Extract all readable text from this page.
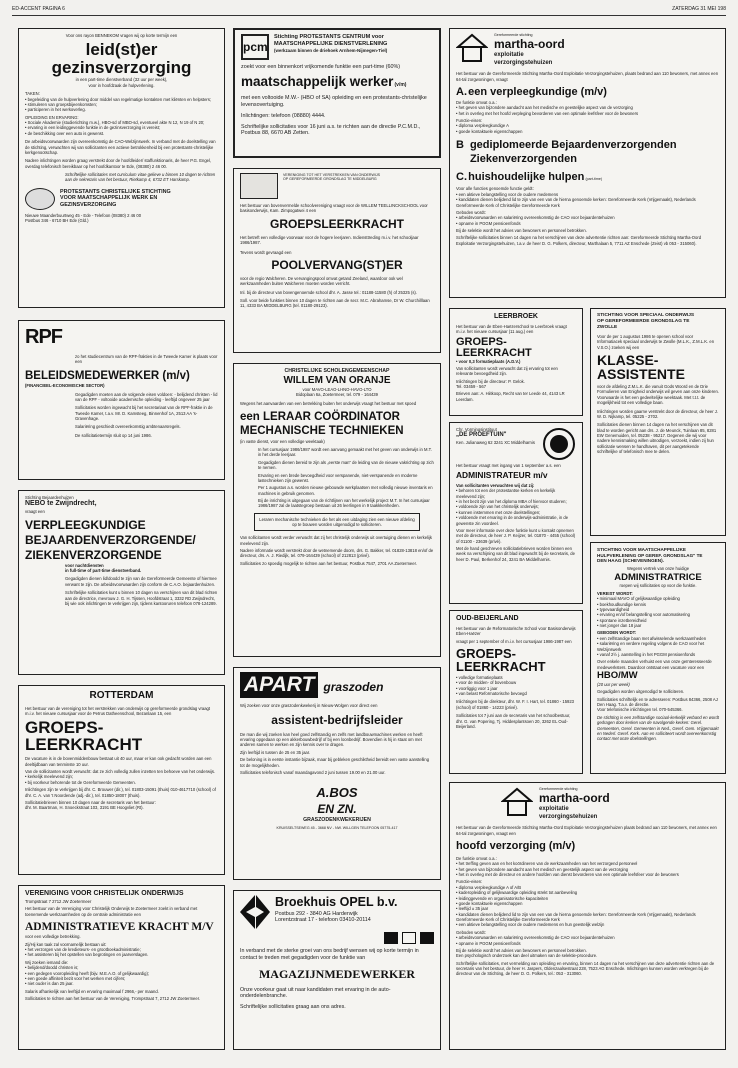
ED-ACCENT PAGINA 6	ZATERDAG 31 MEI 198

Voor ons rayon BENNEKOM vragen wij op korte termijn een

leid(st)er
gezinsverzorging

in een part-time dienstverband (32 uur per week),

voor in hoofdzaak de hulpverlening.

TAKEN:

• begeleiding van de hulpverlening door middel van regelmatige kontakten met kliënten en helpsters;
• stimuleren van groepsbijeenkomsten;
• participeren in het werkoverleg.

OPLEIDING EN ERVARING:

• Sociale Akademie (studierichting m.w.), HBO-sd of MBO-sd, eventueel akte N 12, N 19 of N 20;
• ervaring in een leidinggevende funktie in de gezinsverzorging is vereist;
• de beschikking over een auto is gewenst.

De arbeidsvoorwaarden zijn overeenkomstig de CAO-Welzijnswerk. In verband met de doelstelling van de stichting, verwachten wij van sollicitanten een actieve betrokkenheid bij een protestants-christelijke kerkgenootschap.

Nadere inlichtingen worden graag verstrekt door de hoofdleider/ staffunktionaris, de heer P.G. Engel, overdag telefonisch bereikbaar op het hoofdkantoor te Ede, (08380) 2 46 00.

Schriftelijke sollicitaties met curriculum vitae gelieve u binnen 10 dagen te richten aan de sekretaris van het bestuur, Rietkamp 4, 6732 ET Harskamp.

PROTESTANTS CHRISTELIJKE STICHTING
VOOR MAATSCHAPPELIJK WERK EN
GEZINSVERZORGING

Nieuwe Maanderbuurtweg 45 - Ede - Telefoon (08380) 2 46 00

Postbus 346 - 6710 BH Ede (Gld.)

RPF

zo het studiecentrum van de RPF-frakties in de Tweede Kamer is plaats voor een

BELEIDSMEDEWERKER (m/v)

(FINANCIEEL-ECONOMISCHE SECTOR)

Gegadigden moeten aan de volgende eisen voldoen: - belijdend christen - lid van de RPF - voltooide academische opleiding - leeftijd ongeveer 25 jaar

Sollicitaties worden ingewacht bij het secretariaat van de RPF-fraktie in de Tweede Kamer, t.a.v. Mr. D. Kamsteeg, Binnenhof 1A, 2513 AA 's-Gravenhage.

Salariëring geschiedt overeenkomstig ambtenaarsregels.

De sollicitatietermijn sluit op 14 juni 1986.

Stichting Bejaardenhuizen

NEBO te Zwijndrecht,

vraagt een

VERPLEEGKUNDIGE
BEJAARDENVERZORGENDE/
ZIEKENVERZORGENDE

voor nachtdiensten

in full-time of part-time dienstverband.

Gegadigden dienen lid/doodd te zijn van de Gereformeerde Gemeente of hiermee verwant te zijn. De arbeidsvoorwaarden zijn conform de C.A.O. bejaardenhuizen.

Schriftelijke sollicitaties kunt u binnen 10 dagen na verschijnen van dit blad richten aan de directrice, mevrouw J. G. H. Tijssen, Hoofdstraat 1, 3332 RD Zwijndrecht, bij wie ook inlichtingen te verkrijgen zijn, tijdens kantooruren telefoon 078-124289.

ROTTERDAM

Het bestuur van de vereniging tot het verstrekken van onderwijs op gereformeerde grondslag vraagt m.i.v. het nieuwe cursusjaar voor de Petrus Datheenschool, Bezanlaan 15, een

GROEPS-
LEERKRACHT

De vacature is in de bovenmiddenbouw bestaat uit 40 uur, maar er kan ook gedacht worden aan een deeltijdbaan van tenminste 10 uur.

Van de sollicitanten wordt verwacht: dat ze zich volledig zullen inzetten ten behoeve van het onderwijs.

• kerkelijk meelevend zijn;
• bij voorkeur behorende tot de Gereformeerde Gemeenten.

Inlichtingen zijn te verkrijgen bij dhr. C. Brouwer (dir.), tel. 01803-15091 (thuis) 010-4617710 (school) of dhr. C. A. van 't Noordende (adj.-dir.), tel. 01850-18007 (thuis).

Sollicitatiebrieven binnen 10 dagen naar de secretaris van het bestuur:

dhr. M. Baartman, H. Snoeckstraat 103, 3191 BE Hoogvliet (Rt).

VERENIGING VOOR CHRISTELIJK ONDERWIJS

Trompstraat 7 2712 JW Zoetermeer

Het bestuur van de Vereniging voor Christelijk Onderwijs te Zoetermeer zoekt in verband met toenemende werkzaamheden op de centrale administratie een

ADMINISTRATIEVE KRACHT M/V

voor een volledige betrekking.

Zij/Hij kan taak zal voornamelijk bestaan uit:

• het verzorgen van de kredieteurs- en grootboekadministratie;
• het assisteren bij het opstellen van begrotingen en jaarverslagen.

Wij zoeken iemand die:

• belijdend/doodd christen is;
• een gedegen vooropleiding heeft (bijv. M.E.A.O. of gelijkwaardig);
• een goede affiniteit bezit voor het werken met cijfers;
• niet ouder is dan 25 jaar.

Salaris afhankelijk van leeftijd en ervaring maximaal f 2966,- per maand.

Sollicitaties te richten aan het bestuur van de Vereniging, Trompstraat 7, 2712 JW Zoetermeer.

pcm
Stichting PROTESTANTS CENTRUM voor
MAATSCHAPPELIJKE DIENSTVERLENING
(werkzaam binnen de driehoek Arnhem-Nijmegen-Tiel)

zoekt voor een binnenkort vrijkomende funktie een part-time (60%)

maatschappelijk werker (v/m)

met een voltooide M.W.- (HBO of SA) opleiding en een protestants-christelijke levensovertuiging.

Inlichtingen: telefoon (08880) 4444.

Schriftelijke sollicitaties voor 16 juni a.s. te richten aan de directie P.C.M.D., Postbus 88, 6670 AB Zetten.

VERENIGING TOT HET VERSTREKKEN VAN ONDERWIJS
OP GEREFORMEERDE GRONDSLAG TE MIDDELBURG

Het bestuur van bovenvermelde schoolvereniging vraagt voor de WILLEM TEELLINCKSCHOOL voor basisonderwijs, Kam. Zimpogatwei 4 een

GROEPSLEERKRACHT

Het betreft een volledige voorwaar voor de hogere leerjaren. Indiensttreding m.i.v. het schooljaar 1986/1987.

Tevens wordt gevraagd een

POOLVERVANG(ST)ER

voor de regio Walcheren. De vervangingspool omvat getand Zeeland, waardoor ook wel werkzaamheden buiten Walcheren moeten worden verricht.

Inl. bij de directeur van bovengenoemde school dhr. A. Jasse tel.: 01188-11580 (h) of 25325 (s).

Soll. voor beide funkties binnen 10 dagen te richten aan de secr. M.C. Abrahamse, Dr W. Churchilllaan 11, 4333 BA MIDDELBURG (tel. 01180-29123).

CHRISTELIJKE SCHOLENGEMEENSCHAP
WILLEM VAN ORANJE
voor MAVO-LEAO-LHNO-HAVO-LTO
Bidoplaan 6a, Zoetermeer, tel. 079 - 164439

Wegens het aanvaarden van een betrekking buiten het onderwijs vraagt het bestuur met spoed

een LERAAR COÖRDINATOR
MECHANISCHE TECHNIEKEN

(in vaste dienst, voor een volledige weektaak)

In het cursusjaar 1986/1987 wordt een aanvang gemaakt met het geven van onderwijs in M.T. in het derde leerjaar.

Gegadigden dienen bereid te zijn als „eerste man" de leiding van de nieuwe vakrichting op zich te nemen.

Ervaring en een brede bevoegdheid voor verspanende, niet-verspanende en moderne lastechnieken zijn gewenst.

Per 1 augustus a.s. worden nieuwe gebouwde werkplaatsen met volledig nieuwe inventaris en machines in gebruik genomen.

Bij de inrichting is uitgegaan van de richtlijnen van het werkelijk project M.T. In het cursusjaar 1986/1987 zal de laatstegroep bestaan uit 26 leerlingen in 9 taakkkenheden.

Leraren mechanische technieken die het als een uitdaging zien een nieuwe afdeling op te bouwen worden uitgenodigd te solliciteren.

Van sollicitanten wordt verder verwacht dat zij het christelijk onderwijs uit overtuiging dienen en kerkelijk meelevend zijn.

Nadere informatie wordt verstrekt door de wetnemende doorn, drs. G. Bakker, tel. 01828-13818 en/of de directeur, drs. A. J. Riedijk, tel. 079-164439 (school) of 212813 (privé).

Sollicitaties zo spoedig mogelijk te richten aan het bestuur, Postbus 7547, 2701 AA Zoetermeer.

APART graszoden

Wij zoeken voor onze graszodenkwekerij in Nieuw-Wolgen voor direct een

assistent-bedrijfsleider

De man die wij zoeken kan heel goed zelfstandig en zelfs met landbouwmachines werken en heeft ervaring opgedaan op een akkerbouwbedrijf of bij een loonbedrijf. Bovendien is hij in staat om met anderen samen te werken en zijn kennis over te dragen.

Zijn leeftijd is tussen de 25 en 35 jaar.

De beloning is in eerste instantie bijzaak, maar bij gebleken geschiktheid bereidt een vaste aanstelling tot de mogelijkheden.

Sollicitaties telefonisch vanaf maandagavond 2 juni tussen 19.00 en 21.00 uur.

A.BOS
EN ZN.
GRASZODENKWEKERIJEN

KRUISSELTSEWEG 45 - 3668 NV - NW. WILLGEN TELEFOON 05775-417

Broekhuis OPEL b.v.
Postbus 292 - 3840 AG Harderwijk
Lorentzstraat 17 - telefoon 03410-20114

In verband met de sterke groei van ons bedrijf wensen wij op korte termijn in contact te treden met gegadigden voor de funktie van

MAGAZIJNMEDEWERKER

Onze voorkeur gaat uit naar kandidaten met ervaring in de auto-onderdelenbranche.

Schriftelijke sollicitaties graag aan ons adres.

Gereformeerde stichting
martha-oord
exploitatie
verzorgingstehuizen

Het bestuur van de Gereformeerde Stichting Martha-Oord Exploitatie Verzorgingstehuizen, plaats bedrand aan 110 bewoners, met annex een 64-tal zorgwoningen, vraagt

A. een verpleegkundige (m/v)

De funktie omvat o.a.:

• het geven van bijzondere aandacht aan het medische en geestelijke aspect van de verzorging
• het in overleg met het hoofd verpleging bevorderen van een optimale leefsfeer voor de bewoners

Functie-eisen:

• diploma verpleegkundige A
• goede kontaktuele eigenschappen
B gediplomeerde Bejaardenverzorgenden
Ziekenverzorgenden
C. huishoudelijke hulpen (part-time)

Voor alle functies genoemde functie geldt:

• een aktieve belangstelling voor de oudere medemens
• kandidaten dienen belijdend lid te zijn van een van de hierna genoemde kerken: Gereformeerde Kerk (Vrijgemaakt), Nederlands Gereformeerde Kerk of Christelijke Gereformeerde Kerk

Geboden wordt:

• arbeidsvoorwaarden en salariëring overeenkomstig de CAO voor bejaardentehuizen
• opname in PGGM pensioenfonds

Bij de selektie wordt het advies van bewoners en personeel betrokken.

Schriftelijke sollicitaties binnen 14 dagen na het verschijnen van deze advertentie richten aan: Gereformeerde Stichting Martha-Oord Exploitatie Verzorgingstehuizen, t.a.v. de heer D. G. Polkers, directeur, Marthalaan 5, 7711 AZ Enschede (Zeist) vb 053 - 315060).

LEERBROEK

Het bestuur van de Eben-Haëzerschool te Leerbroek vraagt m.i.v. het nieuwe cursusjaar (11 aug.) een

GROEPS-
LEERKRACHT
• voor 0,3 formatieplaats (A.D.V.)

Van sollicitanten wordt verwacht dat zij ervaring tot een relevante bevoegdheid zijn.

Inlichtingen bij de directeur: P. Gelok.

Tel. 03459 - 567

Brieven aan: A. Hiitkoop, Recht van ter Leede 44, 4143 LR Leerdam.

Chr. Vormingsinstituut

„DE PROEFTUIN"

Ken. Julianaweg 62 3241 XC Middelharnis

Het bestuur vraagt met ingang van 1 september a.s. een

ADMINISTRATEUR m/v

Van sollicitanten verwachten wij dat zij:

• behoren tot een der protestantse kerken en kerkelijk meelevend zijn;
• in het bezit zijn van het diploma MBA of hiervoor studeren;
• voldoende zijn van het christelijk onderwijs;
• kunnen instemmen met onze doelstellingen;
• voldoende met ervaring in de onderwijs-administratie, in de gewenste zin voordeel.

Voor meer informatie over deze funktie kunt u kontakt opnemen met de directeur, de heer J. P. Keijzer, tel. 01870 - 4455 (school) of 01100 - 23639 (privé).

Met de hand geschreven sollicitatiebrieven worden binnen een week na verschijning van dit blad ingewacht bij de secretaris, de heer D. Paul, Berkenhof 24, 3241 BA Middelharnis.

OUD-BEIJERLAND

Het bestuur van de Reformatorische School voor Basisonderwijs Eben-Haëzer

vraagt per 1 september of m.i.v. het cursusjaar 1986-1987 een

GROEPS-
LEERKRACHT
• volledige formatieplaats
• voor de midden- of bovenbouw
• voorliggig voor 1 jaar
• van belast Reformatorische bevoegd

Inlichtingen bij de direkteur, dhr. W. F. I. Hart, tel. 01860 - 15923 (school) of 01860 - 14223 (privé).

Sollicitaties tot 7 juni aan de secretaris van het schoolbestuur, dhr. G. van Popering, Tj. Hiddesplantsoen 20, 3262 EL Oud-Beijerland.

STICHTING VOOR SPECIAAL ONDERWIJS
OP GEREFORMEERDE GRONDSLAG TE
ZWOLLE

Voor de per 1 augustus 1986 te openen school voor Informatiacek speciaal onderwijs te Zwolle (M.L.K., Z.M.L.K. en V.S.O.) zoeken wij een

KLASSE-
ASSISTENTE

voor de afdeling Z.M.L.K. die vanuit Gods Woord en de Drie Formulieren van Enigheid onderwijs wil geven aan onze kinderen. Voorwaarde is het een gedeeltelijke weektaak. Met t.t.t. de mogelijkheid tot een volledige baan.

Inlichtingen worden gaarne verstrekt door de directeur, de heer J. W. D. Nijkamp, tel. 05225 - 2702.

Sollicitaties dienen binnen 14 dagen na het verschijnen van dit blad te worden gericht aan drs. J. de Meunck, Tuinlaan 85, 8281 EW Genemuiden, tel. 05238 - 95217. Degenen die wij voor nadere kennismaking willen uitnodigen, verzoekt, indien zij hun sollicitatie wensen te handhaven, dit per aangetekende schriftelijke of telefonisch mee te delen.

STICHTING VOOR MAATSCHAPPELIJKE
HULPVERLENING OP GEREF. GRONDSLAG" TE
DEN HAAG (SCHEVENINGEN).

Wegens vertrek van onze huidige

ADMINISTRATRICE

roepen wij sollicitaties op voor die funktie.

VEREIST WORDT:

• minimaal MAVO of gelijkwaardige opleiding
• boekhoudkundige kennis
• typevaardigheid
• ervaring en/of belangstelling voor automatisering
• spontane inzetbereidheid
• niet jonger dan 18 jaar

GEBODEN WORDT:

• een zelfstandige baan met afwisselende werkzaamheden
• salariëring en verdere regeling volgens de CAO voor het Welzijnswerk
• vanaf 2½ j. aanstelling in het PGGM pensioenfonds

Over enkele maanden verhuist een van onze geïnteresseerde medewerksters. Daardoor ontstaat een vacature voor een

HBO/MW

(20 uur per week)

Gegadigden worden uitgenodigd te solliciteren.

Sollicitaties schriftelijk en te adresseren: Postbus 84366, 2508 AJ Den Haag. T.a.v. de directie.

Voor telefonische inlichtingen tel. 070-545366.

De stichting is een zelfstandige sociaal-kerkelijk verband en wordt gedragen door kerken van de navolgende kerken: Gerel. Gemeenten, Gerel. Gemeenten in Ned., Geref. Gem. Vrijgemaakt en Nederl. Geref. Kerk. Aan en solliciteert wordt overeenkomstig contact met onze doelstellingen.

Gereformeerde stichting
martha-oord
exploitatie
verzorgingstehuizen

Het bestuur van de Gereformeerde Stichting Martha-Oord Exploitatie Verzorgingstehuizen plaats bedrand aan 110 bewoners, met annex een 64-tal zorgwoningen, vraagt een

hoofd verzorging (m/v)

De funktie omvat o.a.:

• het treffing geven aan en het koördineren van de werkzaamheden van het verzorgend personeel
• het geven van bijzondere aandacht aan het medisch en geestelijk aspect van de verzorging
• het in overleg met de directeur en andere hoofden van dienst bevorderen van een optimale leefsfeer voor de bewoners

Functie-eisen:

• diploma verpleegkundige A of A/B
• kaderopleiding of gelijkwaardige opleiding strekt tot aanbeveling
• leidinggevende en organisatorische kapaciteiten
• goede kontaktuele eigenschappen
• leeftijd ± 35 jaar
• kandidaten dienen belijdend lid te zijn van een van de hierna genoemde kerken: Gereformeerde Kerk (Vrijgemaakt), Nederlands Gereformeerde Kerk of Christelijke Gereformeerde Kerk
• een aktieve belangstelling voor de oudere medemens en hun geestelijk welzijn

Geboden wordt:

• arbeidsvoorwaarden en salariëring overeenkomstig de CAO voor bejaardentehuizen
• opname in PGGM pensioenfonds

Bij de selektie wordt het advies van bewoners en personeel betrokken.

Een psychologisch onderzoek kan deel uitmaken van de selektie-procedure.

Schriftelijke sollicitaties, met vermelding van opleiding en ervaring, binnen 14 dagen na het verschijnen van deze advertentie richten aan de secretaris van het bestuur, de heer H. Jaspers, Oldenzaalsestraat 228, 7523 AG Enschede. Inlichtingen kunnen worden verkregen bij de directeur van de Stichting, de heer D. G. Polkers, tel.: 053 - 313060.
